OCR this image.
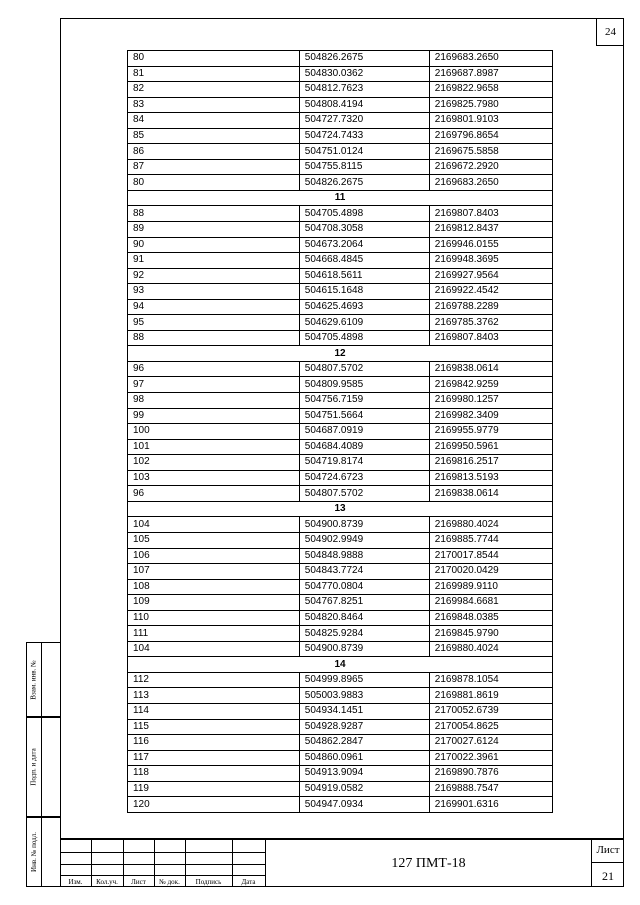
24
80	504826.2675	2169683.2650
81	504830.0362	2169687.8987
82	504812.7623	2169822.9658
83	504808.4194	2169825.7980
84	504727.7320	2169801.9103
85	504724.7433	2169796.8654
86	504751.0124	2169675.5858
87	504755.8115	2169672.2920
80	504826.2675	2169683.2650
11		
88	504705.4898	2169807.8403
89	504708.3058	2169812.8437
90	504673.2064	2169946.0155
91	504668.4845	2169948.3695
92	504618.5611	2169927.9564
93	504615.1648	2169922.4542
94	504625.4693	2169788.2289
95	504629.6109	2169785.3762
88	504705.4898	2169807.8403
12		
96	504807.5702	2169838.0614
97	504809.9585	2169842.9259
98	504756.7159	2169980.1257
99	504751.5664	2169982.3409
100	504687.0919	2169955.9779
101	504684.4089	2169950.5961
102	504719.8174	2169816.2517
103	504724.6723	2169813.5193
96	504807.5702	2169838.0614
13		
104	504900.8739	2169880.4024
105	504902.9949	2169885.7744
106	504848.9888	2170017.8544
107	504843.7724	2170020.0429
108	504770.0804	2169989.9110
109	504767.8251	2169984.6681
110	504820.8464	2169848.0385
111	504825.9284	2169845.9790
104	504900.8739	2169880.4024
14		
112	504999.8965	2169878.1054
113	505003.9883	2169881.8619
114	504934.1451	2170052.6739
115	504928.9287	2170054.8625
116	504862.2847	2170027.6124
117	504860.0961	2170022.3961
118	504913.9094	2169890.7876
119	504919.0582	2169888.7547
120	504947.0934	2169901.6316
Взам. инв. №
Подп. и дата
Инв. № подл.
Изм.	Кол.уч.	Лист	№ док.	Подпись	Дата
127 ПМТ-18
Лист
21
